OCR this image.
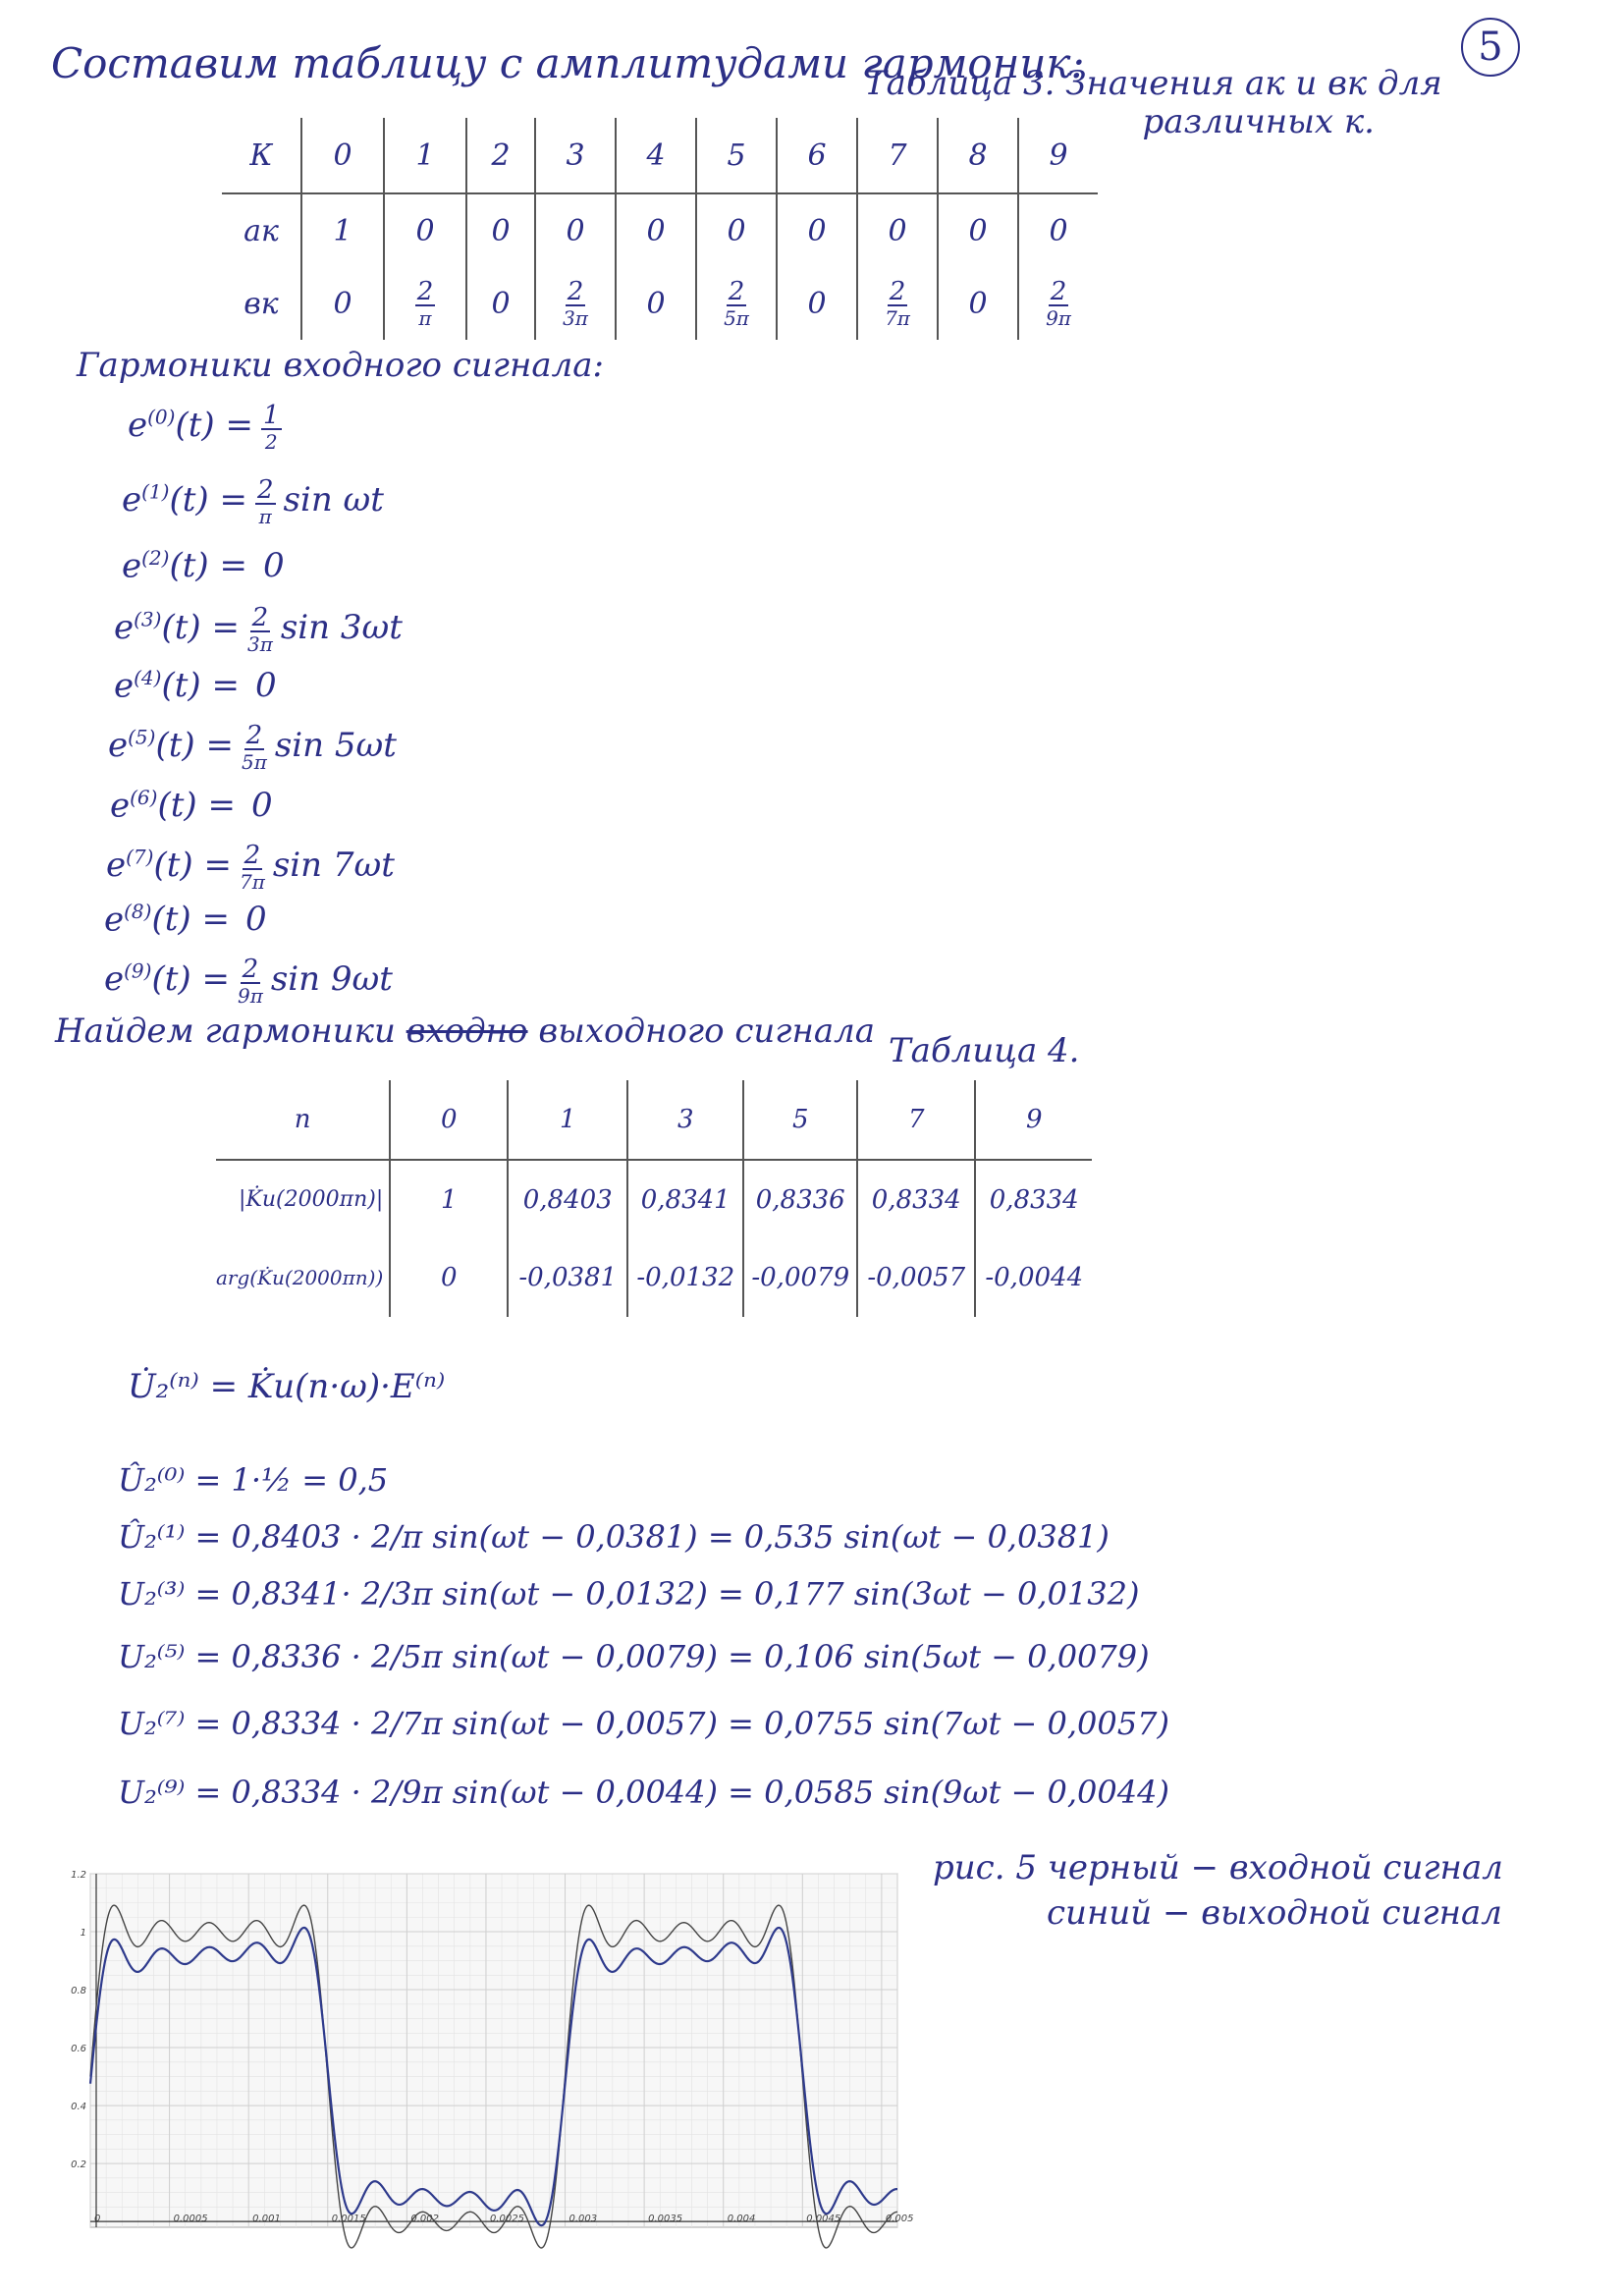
5
Составим таблицу с амплитудами гармоник:
Таблица 3. Значения ак и вк для
различных к.
К	0	1	2	3	4	5	6	7	8	9
ак	1	0	0	0	0	0	0	0	0	0
вк	0	$\frac{2}{\pi}$	0	$\frac{2}{3\pi}$	0	$\frac{2}{5\pi}$	0	$\frac{2}{7\pi}$	0	$\frac{2}{9\pi}$
Гармоники входного сигнала:
$e^{(0)}(t) = \frac{1}{2}$
$e^{(1)}(t) = \frac{2}{\pi}$ sin ωt
$e^{(2)}(t) = 0$
$e^{(3)}(t) = \frac{2}{3\pi}$ sin 3ωt
$e^{(4)}(t) = 0$
$e^{(5)}(t) = \frac{2}{5\pi}$ sin 5ωt
$e^{(6)}(t) = 0$
$e^{(7)}(t) = \frac{2}{7\pi}$ sin 7ωt
$e^{(8)}(t) = 0$
$e^{(9)}(t) = \frac{2}{9\pi}$ sin 9ωt
Найдем гармоники входно выходного сигнала Таблица 4.
n	0	1	3	5	7	9
|K̇u(2000πn)|	1	0,8403	0,8341	0,8336	0,8334	0,8334
arg(K̇u(2000πn))	0	-0,0381	-0,0132	-0,0079	-0,0057	-0,0044
U̇₂⁽ⁿ⁾ = K̇u(n·ω)·E⁽ⁿ⁾
Û₂⁽⁰⁾ = 1·½ = 0,5
Û₂⁽¹⁾ = 0,8403 · 2/π sin(ωt − 0,0381) = 0,535 sin(ωt − 0,0381)
U₂⁽³⁾ = 0,8341· 2/3π sin(ωt − 0,0132) = 0,177 sin(3ωt − 0,0132)
U₂⁽⁵⁾ = 0,8336 · 2/5π sin(ωt − 0,0079) = 0,106 sin(5ωt − 0,0079)
U₂⁽⁷⁾ = 0,8334 · 2/7π sin(ωt − 0,0057) = 0,0755 sin(7ωt − 0,0057)
U₂⁽⁹⁾ = 0,8334 · 2/9π sin(ωt − 0,0044) = 0,0585 sin(9ωt − 0,0044)
0	0.0005	0.001	0.0015	0.002	0.0025	0.003	0.0035	0.004	0.0045	0.005
0.2
0.4
0.6
0.8
1
1.2	рис. 5 черный − входной сигнал
синий − выходной сигнал
